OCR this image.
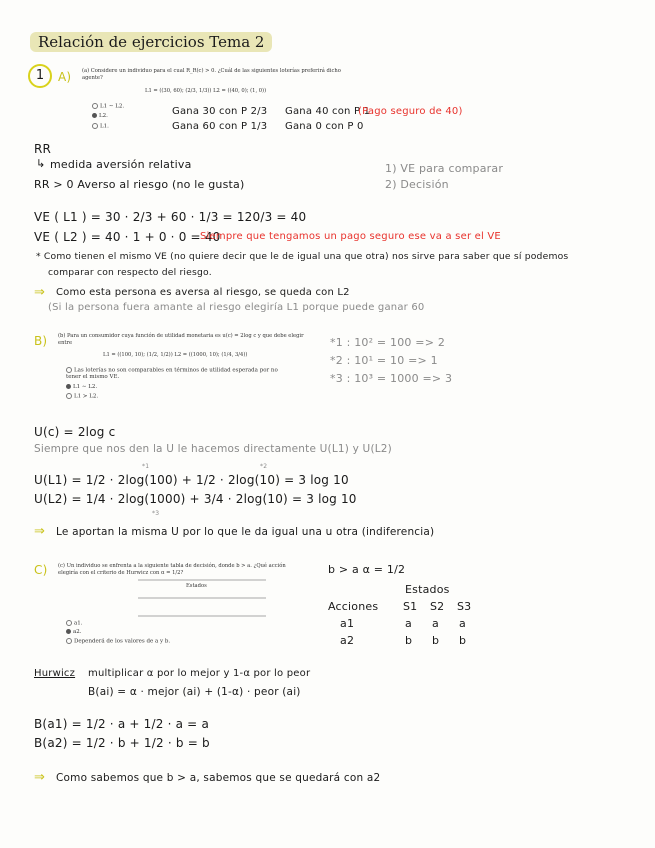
Relación de ejercicios Tema 2
1	A) (a) Considere un individuo para el cual R_R(c) > 0. ¿Cuál de las siguientes loterías preferirá dicho agente?
L1 = ((30, 60); (2/3, 1/3)) L2 = ((40, 0); (1, 0))
L1 ∼ L2.
L2.
L1.
Gana 30 con P 2/3 Gana 40 con P 1
(Pago seguro de 40)
Gana 60 con P 1/3 Gana 0 con P 0
RR
↳ medida aversión relativa	1) VE para comparar
2) Decisión
RR > 0 Averso al riesgo (no le gusta)
VE ( L1 ) = 30 · 2/3 + 60 · 1/3 = 120/3 = 40
VE ( L2 ) = 40 · 1 + 0 · 0 = 40
Siempre que tengamos un pago seguro ese va a ser el VE
* Como tienen el mismo VE (no quiere decir que le de igual una que otra) nos sirve para saber que sí podemos
comparar con respecto del riesgo.
⇒ Como esta persona es aversa al riesgo, se queda con L2
(Si la persona fuera amante al riesgo elegiría L1 porque puede ganar 60
B) (b) Para un consumidor cuya función de utilidad monetaria es u(c) = 2log c y que debe elegir entre
L1 = ((100, 10); (1/2, 1/2)) L2 = ((1000, 10); (1/4, 3/4))
Las loterías no son comparables en términos de utilidad esperada por no tener el mismo VE.
L1 ∼ L2.
L1 ≻ L2.
*1 : 10² = 100 => 2
*2 : 10¹ = 10 => 1
*3 : 10³ = 1000 => 3
U(c) = 2log c
Siempre que nos den la U le hacemos directamente U(L1) y U(L2)
*1	*2
U(L1) = 1/2 · 2log(100) + 1/2 · 2log(10) = 3 log 10
U(L2) = 1/4 · 2log(1000) + 3/4 · 2log(10) = 3 log 10
*3
⇒ Le aportan la misma U por lo que le da igual una u otra (indiferencia)
C) (c) Un individuo se enfrenta a la siguiente tabla de decisión, donde b > a. ¿Qué acción elegiría con el criterio de Hurwicz con α = 1/2?
Estados
a1.
a2.
Dependerá de los valores de a y b.
b > a α = 1/2
Estados
Acciones S1 S2 S3
a1	a a a
a2	b b b
Hurwicz multiplicar α por lo mejor y 1-α por lo peor
B(ai) = α · mejor (ai) + (1-α) · peor (ai)
B(a1) = 1/2 · a + 1/2 · a = a
B(a2) = 1/2 · b + 1/2 · b = b
⇒ Como sabemos que b > a, sabemos que se quedará con a2
